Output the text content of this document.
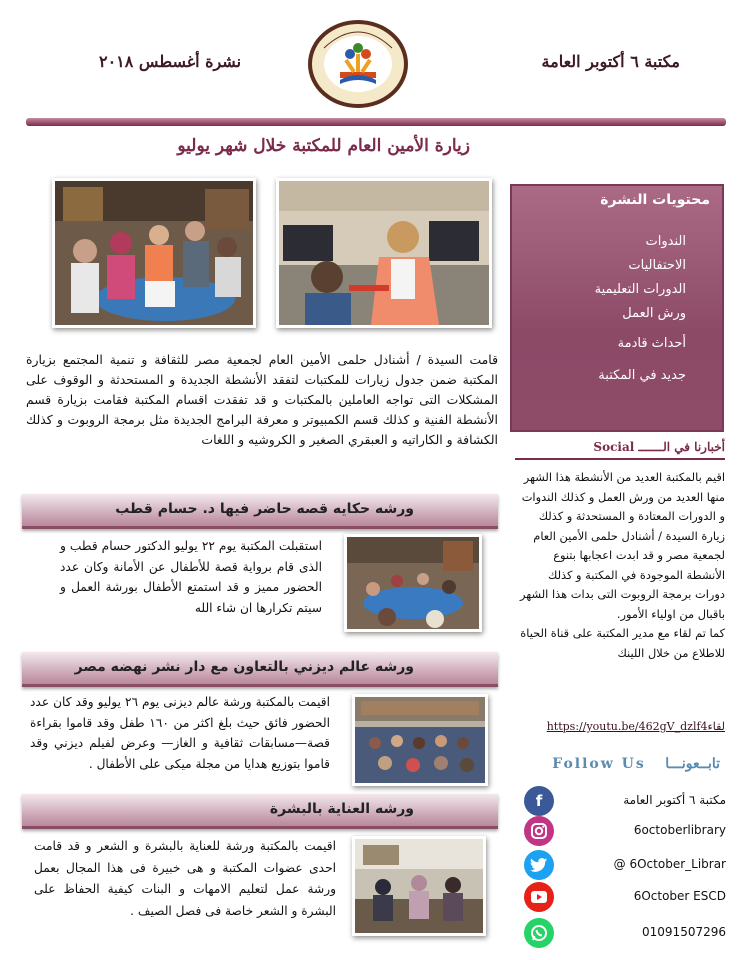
نشرة أغسطس ٢٠١٨	مكتبة ٦ أكتوبر العامة
زيارة الأمين العام للمكتبة خلال شهر يوليو
محتويات النشرة
الندوات
الاحتفاليات
الدورات التعليمية
ورش العمل
أحداث قادمة
جديد في المكتبة
قامت السيدة / أشنادل حلمى الأمين العام لجمعية مصر للثقافة و تنمية المجتمع بزيارة المكتبة ضمن جدول زيارات للمكتبات لتفقد الأنشطة الجديدة و المستحدثة و الوقوف على المشكلات التى تواجه العاملين بالمكتبات و قد تفقدت اقسام المكتبة فقامت بزيارة قسم الأنشطة الفنية و كذلك قسم الكمبيوتر و معرفة البرامج الجديدة مثل برمجة الروبوت و كذلك الكشافة و الكاراتيه و العبقري الصغير و الكروشيه و اللغات	أخبارنا في الـــــــ Social
اقيم بالمكتبة العديد من الأنشطة هذا الشهر منها العديد من ورش العمل و كذلك الندوات و الدورات المعتادة و المستحدثة و كذلك زيارة السيدة / أشنادل حلمى الأمين العام لجمعية مصر و قد ابدت اعجابها بتنوع الأنشطة الموجودة في المكتبة و كذلك دورات برمجة الروبوت التى بدات هذا الشهر باقبال من اولياء الأمور.
كما تم لقاء مع مدير المكتبة على قناة الحياة للاطلاع من خلال اللينك
https://youtu.be/462gV_dzlf4لقاء
تابــعونـــا    Follow Us
f	مكتبة ٦ أكتوبر العامة
6octoberlibrary
@ 6October_Librar
6October ESCD
01091507296
ورشه حكايه قصه حاضر فيها د. حسام قطب
استقبلت المكتبة يوم ٢٢ يوليو الدكتور حسام قطب و الذى قام برواية قصة للأطفال عن الأمانة وكان عدد الحضور مميز و قد استمتع الأطفال بورشة العمل و سيتم تكرارها ان شاء الله
ورشه عالم ديزني بالتعاون مع دار نشر نهضه مصر
اقيمت بالمكتبة ورشة عالم ديزنى يوم ٢٦ يوليو وقد كان عدد الحضور فائق حيث بلغ اكثر من ١٦٠ طفل وقد قاموا بقراءة قصة—مسابقات ثقافية و الغاز— وعرض لفيلم ديزني وقد قاموا بتوزيع هدايا من مجلة ميكى على الأطفال .
ورشه العناية بالبشرة
اقيمت بالمكتبة ورشة للعناية بالبشرة و الشعر و قد قامت احدى عضوات المكتبة و هى خبيرة فى هذا المجال بعمل ورشة عمل لتعليم الامهات و البنات كيفية الحفاظ على البشرة و الشعر خاصة فى فصل الصيف .
